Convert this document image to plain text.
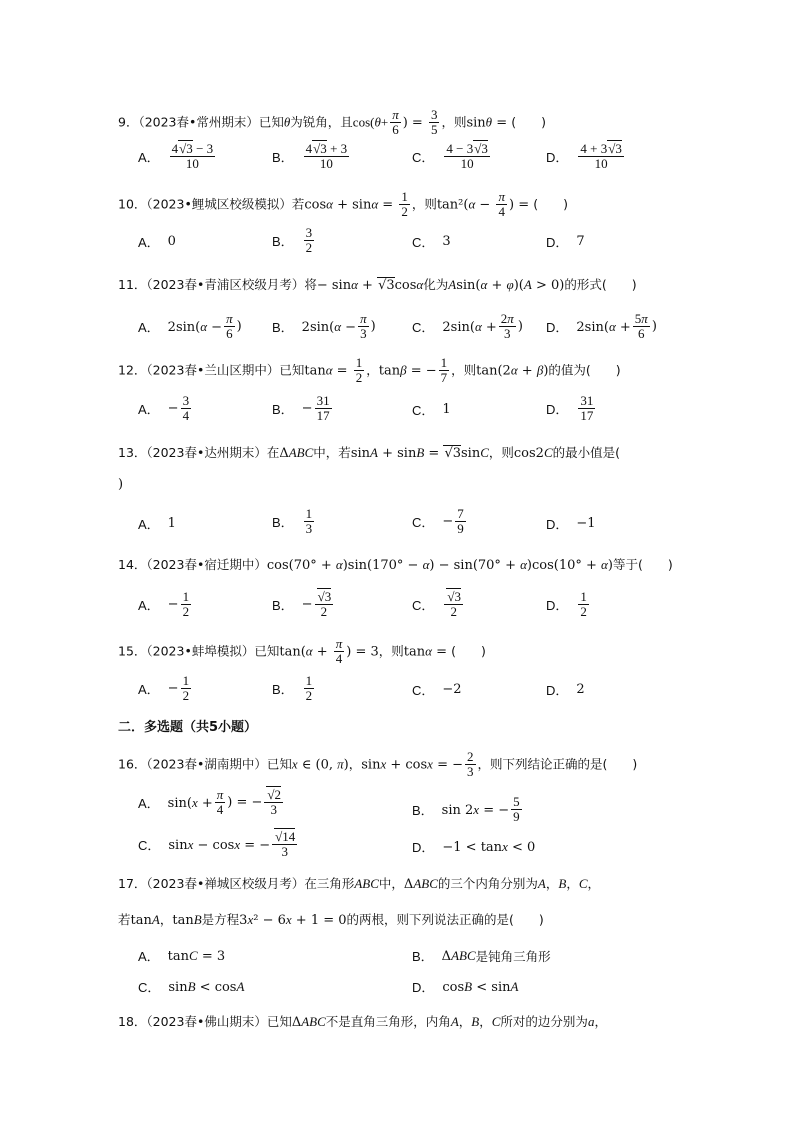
9．（2023春•常州期末）已知θ为锐角，且$\cos(\theta+ \frac{\pi}{6}$ ) = $\frac{3}{5}$ ，则sinθ = (　　)
A． $\frac{4√3 - 3}{10}$	B． $\frac{4√3 + 3}{10}$	C． $\frac{4 - 3√3}{10}$	D． $\frac{4 + 3√3}{10}$
10．（2023•鲤城区校级模拟）若$\cos\alpha + \sin\alpha = \frac{1}{2}$ ，则$\tan^2(\alpha - \frac{\pi}{4}$ ) = (　　)
A． 0	B． $\frac{3}{2}$	C． 3	D． 7
11．（2023春•青浦区校级月考）将− sinα + √3cosα化为Asin(α + φ)(A > 0)的形式(　　)
A． $2\sin(\alpha - \frac{\pi}{6}$ ) B． $2\sin(\alpha - \frac{\pi}{3}$ )	C． $2\sin(\alpha + \frac{2\pi}{3}$ ) D． $2\sin(\alpha + \frac{5\pi}{6}$ )
12．（2023春•兰山区期中）已知$\tan\alpha = \frac{1}{2}$ ，tanβ = − $\frac{1}{7}$ ，则tan(2α + β)的值为(　　)
A． − $\frac{3}{4}$	B． − $\frac{31}{17}$	C． 1	D． $\frac{31}{17}$
13．（2023春•达州期末）在ΔABC中，若sinA + sinB = √3sinC，则cos2C的最小值是(
)
A． 1	B． $\frac{1}{3}$	C． − $\frac{7}{9}$	D． −1
14．（2023春•宿迁期中）cos(70° + α)sin(170° − α) − sin(70° + α)cos(10° + α)等于(　　)
A． − $\frac{1}{2}$	B． − $\frac{√3}{2}$	C． $\frac{√3}{2}$	D． $\frac{1}{2}$
15．（2023•蚌埠模拟）已知$\tan(\alpha + \frac{\pi}{4}$ ) = 3，则tanα = (　　)
A． − $\frac{1}{2}$	B． $\frac{1}{2}$	C． −2	D． 2
二．多选题（共5小题）
16．（2023春•湖南期中）已知x ∈ (0, π)，sinx + cosx = − $\frac{2}{3}$ ，则下列结论正确的是(　　)
A． $\sin(x + \frac{\pi}{4}$ ) = − $\frac{√2}{3}$	B． sin 2x = − $\frac{5}{9}$
C． sinx − cosx = − $\frac{√14}{3}$	D． −1 < tanx < 0
17．（2023春•禅城区校级月考）在三角形ABC中，ΔABC的三个内角分别为A，B，C，
若tanA，tanB是方程3x² − 6x + 1 = 0的两根，则下列说法正确的是(　　)
A． tanC = 3	B． ΔABC 是钝角三角形
C． sinB < cosA	D． cosB < sinA
18．（2023春•佛山期末）已知ΔABC不是直角三角形，内角A，B，C所对的边分别为a，
